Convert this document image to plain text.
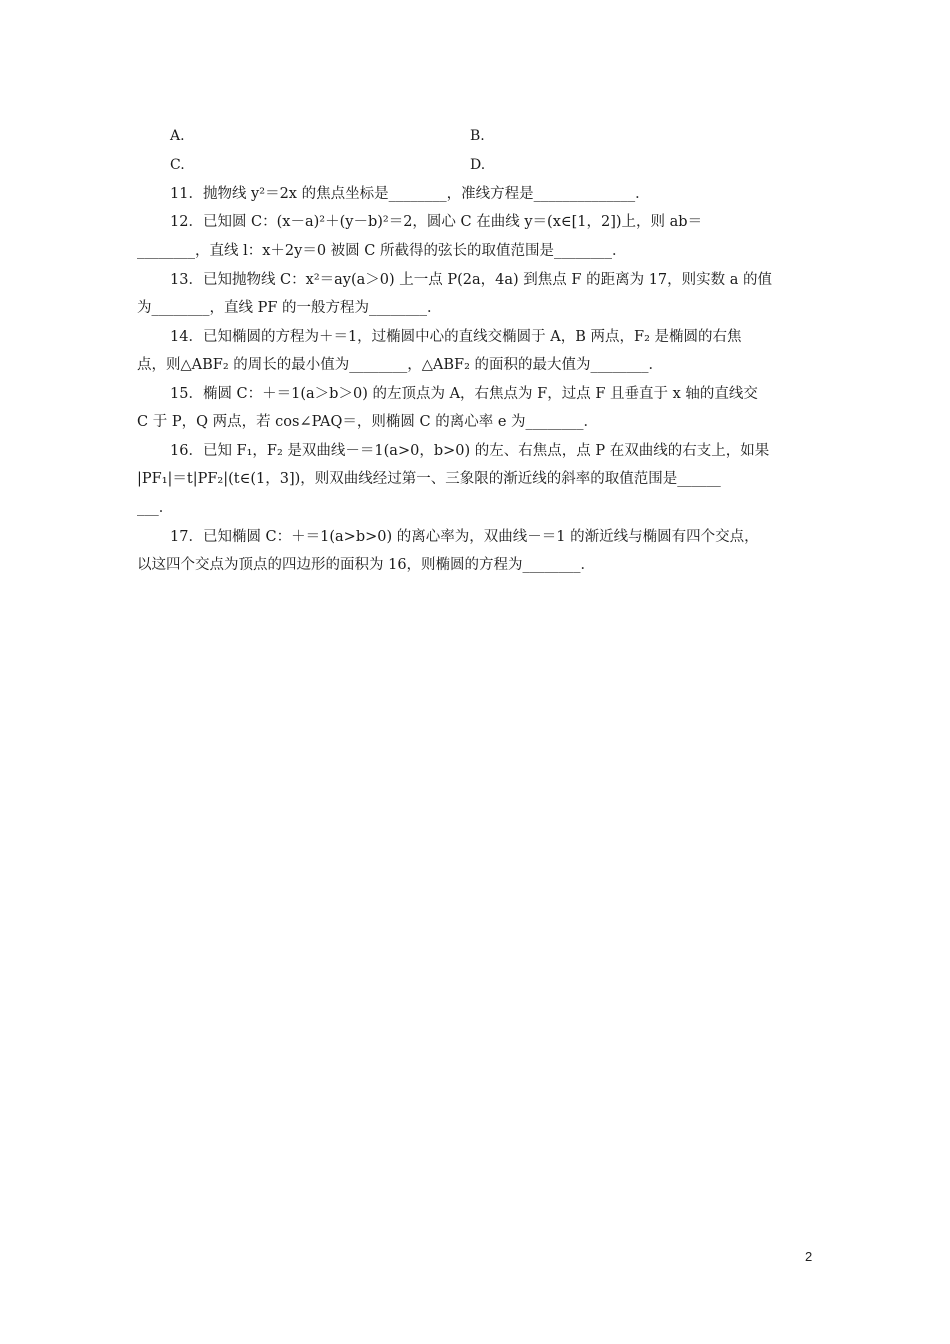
A.	B.
C.	D.
11．抛物线 y²＝2x 的焦点坐标是________，准线方程是______________．
12．已知圆 C：(x－a)²＋(y－b)²＝2，圆心 C 在曲线 y＝(x∈[1，2])上，则 ab＝
________，直线 l：x＋2y＝0 被圆 C 所截得的弦长的取值范围是________．
13．已知抛物线 C：x²＝ay(a＞0) 上一点 P(2a，4a) 到焦点 F 的距离为 17，则实数 a 的值
为________，直线 PF 的一般方程为________．
14．已知椭圆的方程为＋＝1，过椭圆中心的直线交椭圆于 A，B 两点，F₂ 是椭圆的右焦
点，则△ABF₂ 的周长的最小值为________，△ABF₂ 的面积的最大值为________．
15．椭圆 C：＋＝1(a＞b＞0) 的左顶点为 A，右焦点为 F，过点 F 且垂直于 x 轴的直线交
C 于 P，Q 两点，若 cos∠PAQ＝，则椭圆 C 的离心率 e 为________．
16．已知 F₁，F₂ 是双曲线－＝1(a>0，b>0) 的左、右焦点，点 P 在双曲线的右支上，如果
|PF₁|＝t|PF₂|(t∈(1，3])，则双曲线经过第一、三象限的渐近线的斜率的取值范围是______
___．
17．已知椭圆 C：＋＝1(a>b>0) 的离心率为，双曲线－＝1 的渐近线与椭圆有四个交点，
以这四个交点为顶点的四边形的面积为 16，则椭圆的方程为________．
2
